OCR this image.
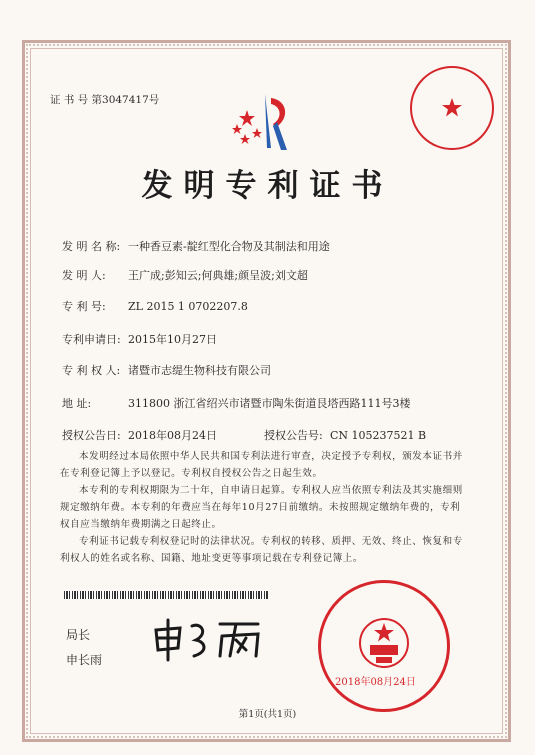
证 书 号 第3047417号
发明专利证书
发 明 名 称: 一种香豆素-靛红型化合物及其制法和用途
发 明 人: 王广成;彭知云;何典雄;颜呈波;刘文超
专 利 号: ZL 2015 1 0702207.8
专利申请日: 2015年10月27日
专 利 权 人: 诸暨市志缇生物科技有限公司
地 址:	311800 浙江省绍兴市诸暨市陶朱街道艮塔西路111号3楼
授权公告日: 2018年08月24日	授权公告号: CN 105237521 B

本发明经过本局依照中华人民共和国专利法进行审查，决定授予专利权，颁发本证书并在专利登记簿上予以登记。专利权自授权公告之日起生效。

本专利的专利权期限为二十年，自申请日起算。专利权人应当依照专利法及其实施细则规定缴纳年费。本专利的年费应当在每年10月27日前缴纳。未按照规定缴纳年费的，专利权自应当缴纳年费期满之日起终止。

专利证书记载专利权登记时的法律状况。专利权的转移、质押、无效、终止、恢复和专利权人的姓名或名称、国籍、地址变更等事项记载在专利登记簿上。

局长
申长雨
2018年08月24日
第1页(共1页)
